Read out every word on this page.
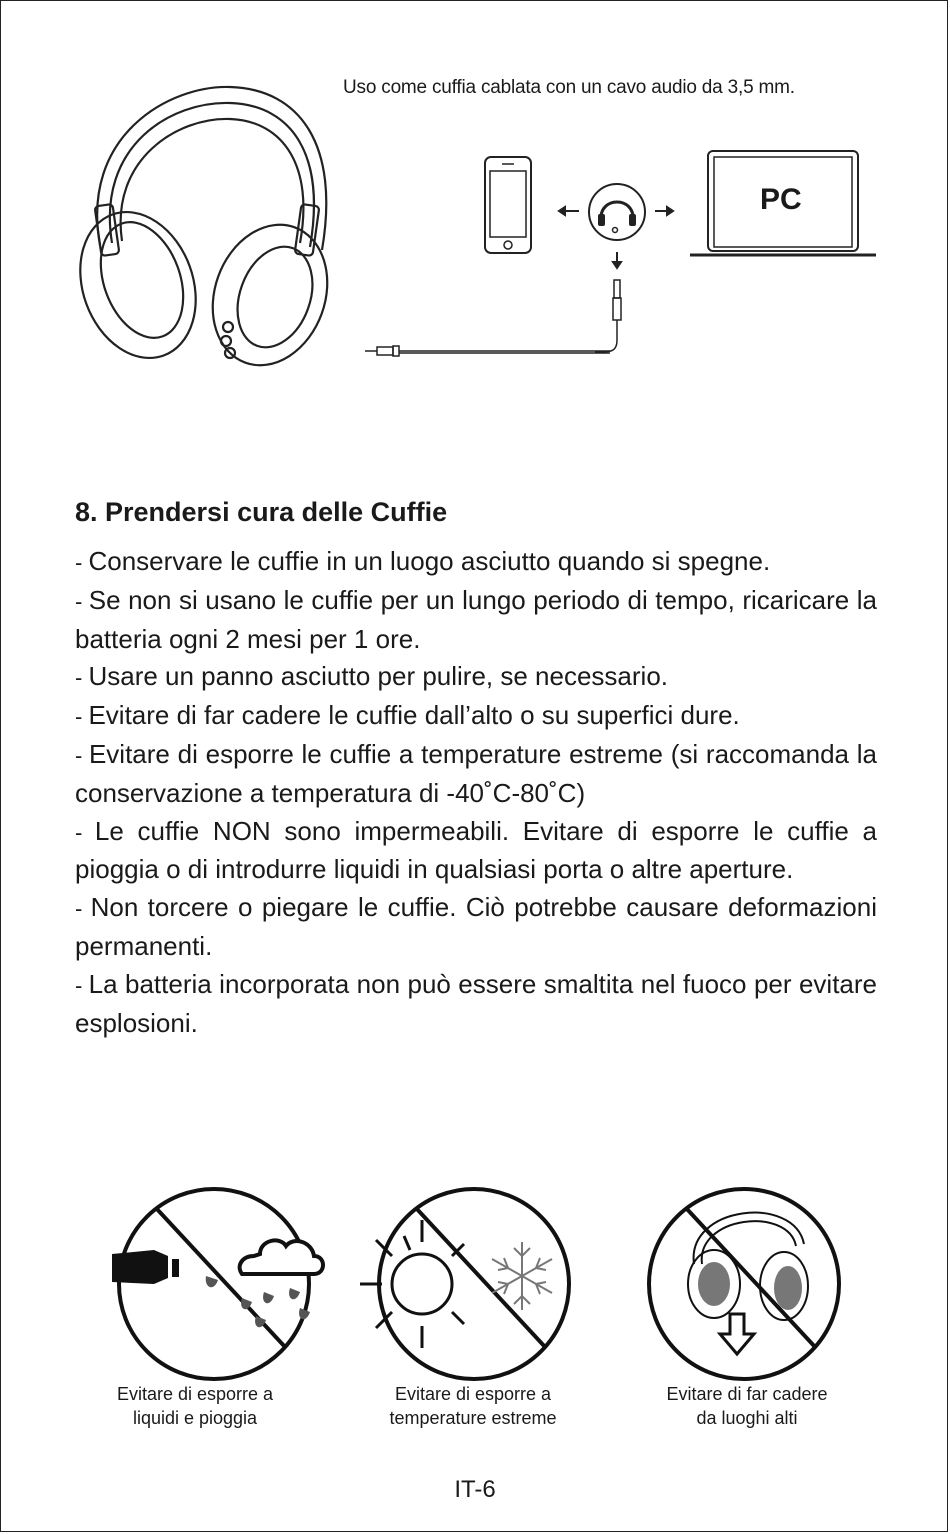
Uso come cuffia cablata con un cavo audio da 3,5 mm.
PC
8. Prendersi cura delle Cuffie

- Conservare le cuffie in un luogo asciutto quando si spegne.

- Se non si usano le cuffie per un lungo periodo di tempo, ricaricare la batteria ogni 2 mesi per 1 ore.

- Usare un panno asciutto per pulire, se necessario.

- Evitare di far cadere le cuffie dall’alto o su superfici dure.

- Evitare di esporre le cuffie a temperature estreme (si raccomanda la conservazione a temperatura di -40˚C-80˚C)

- Le cuffie NON sono impermeabili. Evitare di esporre le cuffie a pioggia o di introdurre liquidi in qualsiasi porta o altre aperture.

- Non torcere o piegare le cuffie. Ciò potrebbe causare deformazioni permanenti.

- La batteria incorporata non può essere smaltita nel fuoco per evitare esplosioni.

Evitare di esporre a
liquidi e pioggia
Evitare di esporre a
temperature estreme
Evitare di far cadere
da luoghi alti
IT-6
